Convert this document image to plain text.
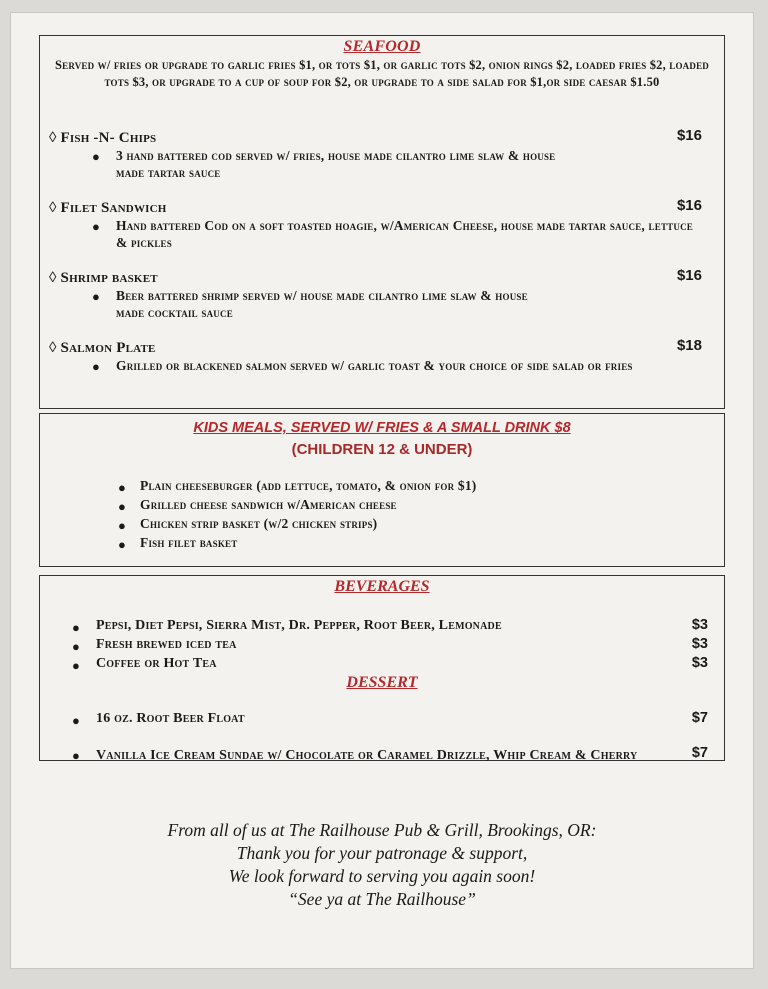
SEAFOOD
Served w/ fries or upgrade to garlic fries $1, or tots $1, or garlic tots $2, onion rings $2, loaded fries $2, loaded tots $3, or upgrade to a cup of soup for $2, or upgrade to a side salad for $1,or side caesar $1.50
◊ Fish -N- Chips	$16
● 3 hand battered cod served w/ fries, house made cilantro lime slaw & house made tartar sauce
◊ Filet Sandwich	$16
● Hand battered Cod on a soft toasted hoagie, w/American Cheese, house made tartar sauce, lettuce & pickles
◊ Shrimp basket	$16
● Beer battered shrimp served w/ house made cilantro lime slaw & house made cocktail sauce
◊ Salmon Plate	$18
● Grilled or blackened salmon served w/ garlic toast & your choice of side salad or fries
KIDS MEALS, SERVED W/ FRIES & A SMALL DRINK $8
(CHILDREN 12 & UNDER)
● Plain cheeseburger (add lettuce, tomato, & onion for $1)
● Grilled cheese sandwich w/American cheese
● Chicken strip basket (w/2 chicken strips)
● Fish filet basket
BEVERAGES
● Pepsi, Diet Pepsi, Sierra Mist, Dr. Pepper, Root Beer, Lemonade	$3
● Fresh brewed iced tea	$3
● Coffee or Hot Tea	$3
DESSERT
● 16 oz. Root Beer Float	$7
● Vanilla Ice Cream Sundae w/ Chocolate or Caramel Drizzle, Whip Cream & Cherry	$7
From all of us at The Railhouse Pub & Grill, Brookings, OR:
Thank you for your patronage & support,
We look forward to serving you again soon!
“See ya at The Railhouse”
